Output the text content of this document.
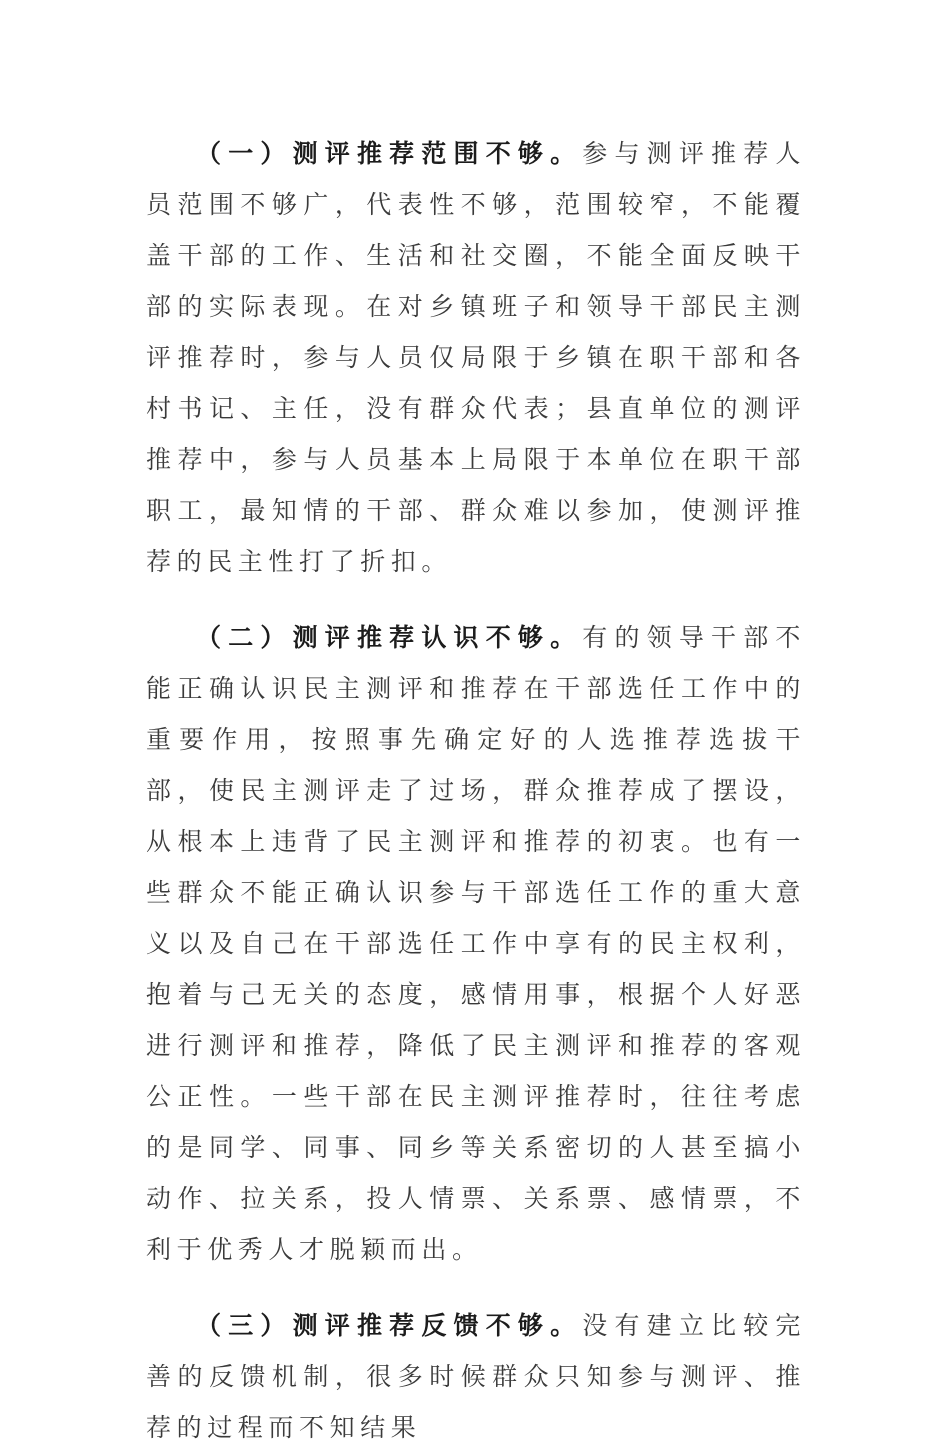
（一）测评推荐范围不够。参与测评推荐人员范围不够广，代表性不够，范围较窄，不能覆盖干部的工作、生活和社交圈，不能全面反映干部的实际表现。在对乡镇班子和领导干部民主测评推荐时，参与人员仅局限于乡镇在职干部和各村书记、主任，没有群众代表；县直单位的测评推荐中，参与人员基本上局限于本单位在职干部职工，最知情的干部、群众难以参加，使测评推荐的民主性打了折扣。

（二）测评推荐认识不够。有的领导干部不能正确认识民主测评和推荐在干部选任工作中的重要作用，按照事先确定好的人选推荐选拔干部，使民主测评走了过场，群众推荐成了摆设，从根本上违背了民主测评和推荐的初衷。也有一些群众不能正确认识参与干部选任工作的重大意义以及自己在干部选任工作中享有的民主权利，抱着与己无关的态度，感情用事，根据个人好恶进行测评和推荐，降低了民主测评和推荐的客观公正性。一些干部在民主测评推荐时，往往考虑的是同学、同事、同乡等关系密切的人甚至搞小动作、拉关系，投人情票、关系票、感情票，不利于优秀人才脱颖而出。

（三）测评推荐反馈不够。没有建立比较完善的反馈机制，很多时候群众只知参与测评、推荐的过程而不知结果
